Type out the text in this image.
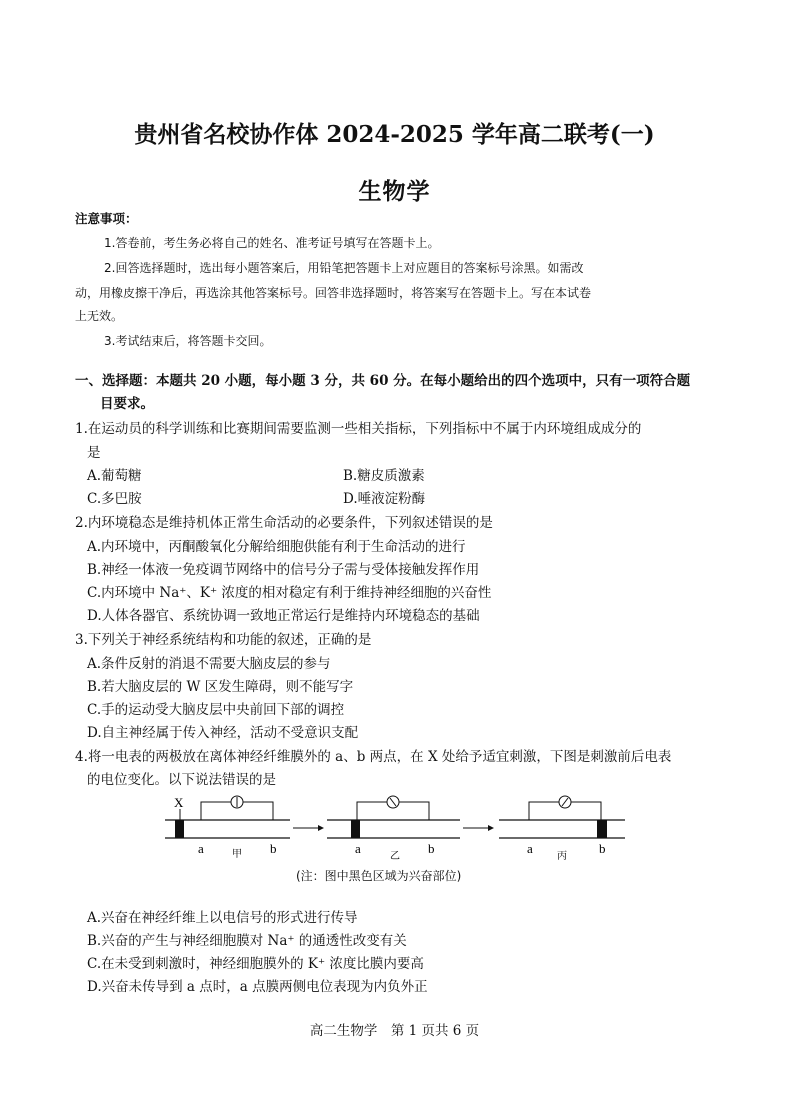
贵州省名校协作体 2024-2025 学年高二联考(一)
生物学
注意事项：
1.答卷前，考生务必将自己的姓名、准考证号填写在答题卡上。
2.回答选择题时，选出每小题答案后，用铅笔把答题卡上对应题目的答案标号涂黑。如需改
动，用橡皮擦干净后，再选涂其他答案标号。回答非选择题时，将答案写在答题卡上。写在本试卷
上无效。
3.考试结束后，将答题卡交回。
一、选择题：本题共 20 小题，每小题 3 分，共 60 分。在每小题给出的四个选项中，只有一项符合题
目要求。
1.在运动员的科学训练和比赛期间需要监测一些相关指标，下列指标中不属于内环境组成成分的
是
A.葡萄糖	B.糖皮质激素
C.多巴胺	D.唾液淀粉酶
2.内环境稳态是维持机体正常生命活动的必要条件，下列叙述错误的是
A.内环境中，丙酮酸氧化分解给细胞供能有利于生命活动的进行
B.神经一体液一免疫调节网络中的信号分子需与受体接触发挥作用
C.内环境中 Na⁺、K⁺ 浓度的相对稳定有利于维持神经细胞的兴奋性
D.人体各器官、系统协调一致地正常运行是维持内环境稳态的基础
3.下列关于神经系统结构和功能的叙述，正确的是
A.条件反射的消退不需要大脑皮层的参与
B.若大脑皮层的 W 区发生障碍，则不能写字
C.手的运动受大脑皮层中央前回下部的调控
D.自主神经属于传入神经，活动不受意识支配
4.将一电表的两极放在离体神经纤维膜外的 a、b 两点，在 X 处给予适宜刺激，下图是刺激前后电表
的电位变化。以下说法错误的是
X
a	b
甲	a	b
乙
a	b
丙
(注：图中黑色区域为兴奋部位)
A.兴奋在神经纤维上以电信号的形式进行传导
B.兴奋的产生与神经细胞膜对 Na⁺ 的通透性改变有关
C.在未受到刺激时，神经细胞膜外的 K⁺ 浓度比膜内要高
D.兴奋未传导到 a 点时，a 点膜两侧电位表现为内负外正
高二生物学　第 1 页共 6 页
